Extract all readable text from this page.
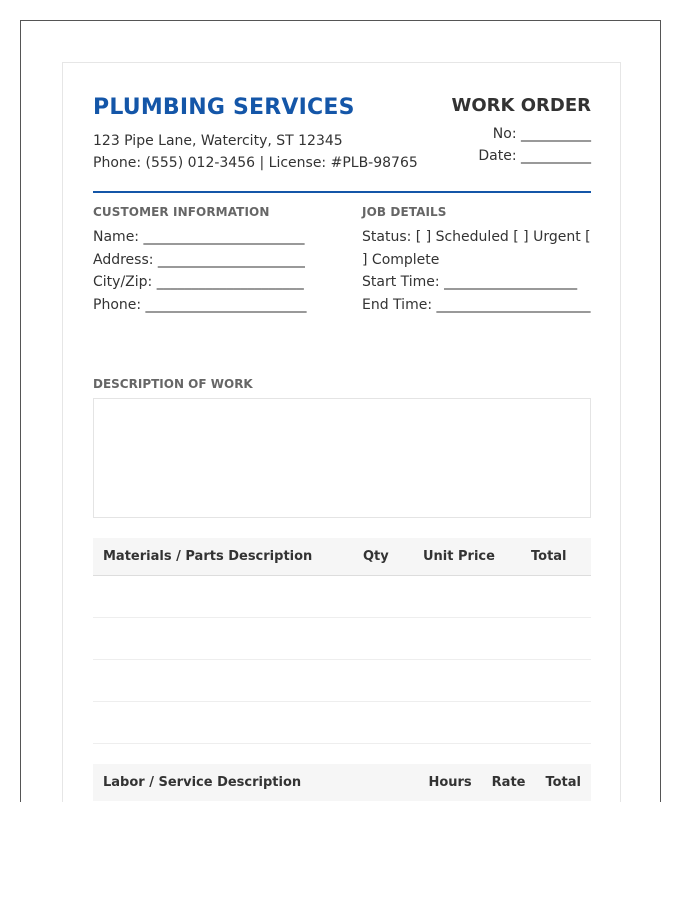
PLUMBING SERVICES
123 Pipe Lane, Watercity, ST 12345
Phone: (555) 012-3456 | License: #PLB-98765
WORK ORDER
No: __________
Date: __________
CUSTOMER INFORMATION
Name: _______________________
Address: _____________________
City/Zip: _____________________
Phone: _______________________
JOB DETAILS
Status: [ ] Scheduled [ ] Urgent [ ] Complete
Start Time: ___________________
End Time: ______________________
DESCRIPTION OF WORK
Materials / Parts Description	Qty	Unit Price	Total

Labor / Service Description	Hours	Rate	Total
